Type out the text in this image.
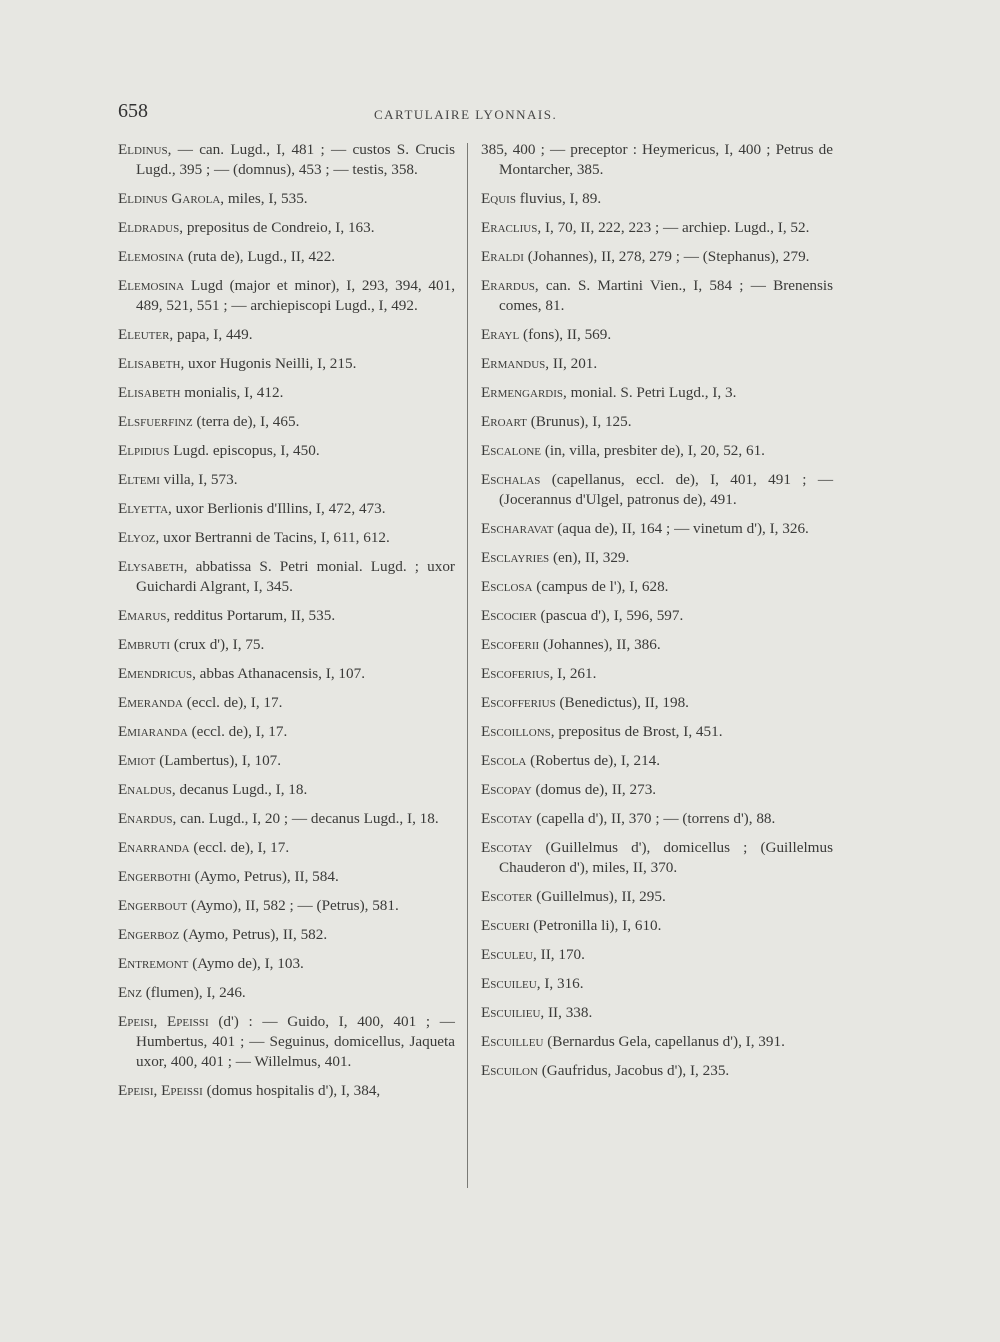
658	CARTULAIRE LYONNAIS.

Eldinus, — can. Lugd., I, 481 ; — custos S. Crucis Lugd., 395 ; — (domnus), 453 ; — testis, 358.

Eldinus Garola, miles, I, 535.

Eldradus, prepositus de Condreio, I, 163.

Elemosina (ruta de), Lugd., II, 422.

Elemosina Lugd (major et minor), I, 293, 394, 401, 489, 521, 551 ; — archiepiscopi Lugd., I, 492.

Eleuter, papa, I, 449.

Elisabeth, uxor Hugonis Neilli, I, 215.

Elisabeth monialis, I, 412.

Elsfuerfinz (terra de), I, 465.

Elpidius Lugd. episcopus, I, 450.

Eltemi villa, I, 573.

Elyetta, uxor Berlionis d'Illins, I, 472, 473.

Elyoz, uxor Bertranni de Tacins, I, 611, 612.

Elysabeth, abbatissa S. Petri monial. Lugd. ; uxor Guichardi Algrant, I, 345.

Emarus, redditus Portarum, II, 535.

Embruti (crux d'), I, 75.

Emendricus, abbas Athanacensis, I, 107.

Emeranda (eccl. de), I, 17.

Emiaranda (eccl. de), I, 17.

Emiot (Lambertus), I, 107.

Enaldus, decanus Lugd., I, 18.

Enardus, can. Lugd., I, 20 ; — decanus Lugd., I, 18.

Enarranda (eccl. de), I, 17.

Engerbothi (Aymo, Petrus), II, 584.

Engerbout (Aymo), II, 582 ; — (Petrus), 581.

Engerboz (Aymo, Petrus), II, 582.

Entremont (Aymo de), I, 103.

Enz (flumen), I, 246.

Epeisi, Epeissi (d') : — Guido, I, 400, 401 ; — Humbertus, 401 ; — Seguinus, domicellus, Jaqueta uxor, 400, 401 ; — Willelmus, 401.

Epeisi, Epeissi (domus hospitalis d'), I, 384,

385, 400 ; — preceptor : Heymericus, I, 400 ; Petrus de Montarcher, 385.

Equis fluvius, I, 89.

Eraclius, I, 70, II, 222, 223 ; — archiep. Lugd., I, 52.

Eraldi (Johannes), II, 278, 279 ; — (Stephanus), 279.

Erardus, can. S. Martini Vien., I, 584 ; — Brenensis comes, 81.

Erayl (fons), II, 569.

Ermandus, II, 201.

Ermengardis, monial. S. Petri Lugd., I, 3.

Eroart (Brunus), I, 125.

Escalone (in, villa, presbiter de), I, 20, 52, 61.

Eschalas (capellanus, eccl. de), I, 401, 491 ; — (Jocerannus d'Ulgel, patronus de), 491.

Escharavat (aqua de), II, 164 ; — vinetum d'), I, 326.

Esclayries (en), II, 329.

Esclosa (campus de l'), I, 628.

Escocier (pascua d'), I, 596, 597.

Escoferii (Johannes), II, 386.

Escoferius, I, 261.

Escofferius (Benedictus), II, 198.

Escoillons, prepositus de Brost, I, 451.

Escola (Robertus de), I, 214.

Escopay (domus de), II, 273.

Escotay (capella d'), II, 370 ; — (torrens d'), 88.

Escotay (Guillelmus d'), domicellus ; (Guillelmus Chauderon d'), miles, II, 370.

Escoter (Guillelmus), II, 295.

Escueri (Petronilla li), I, 610.

Esculeu, II, 170.

Escuileu, I, 316.

Escuilieu, II, 338.

Escuilleu (Bernardus Gela, capellanus d'), I, 391.

Escuilon (Gaufridus, Jacobus d'), I, 235.
